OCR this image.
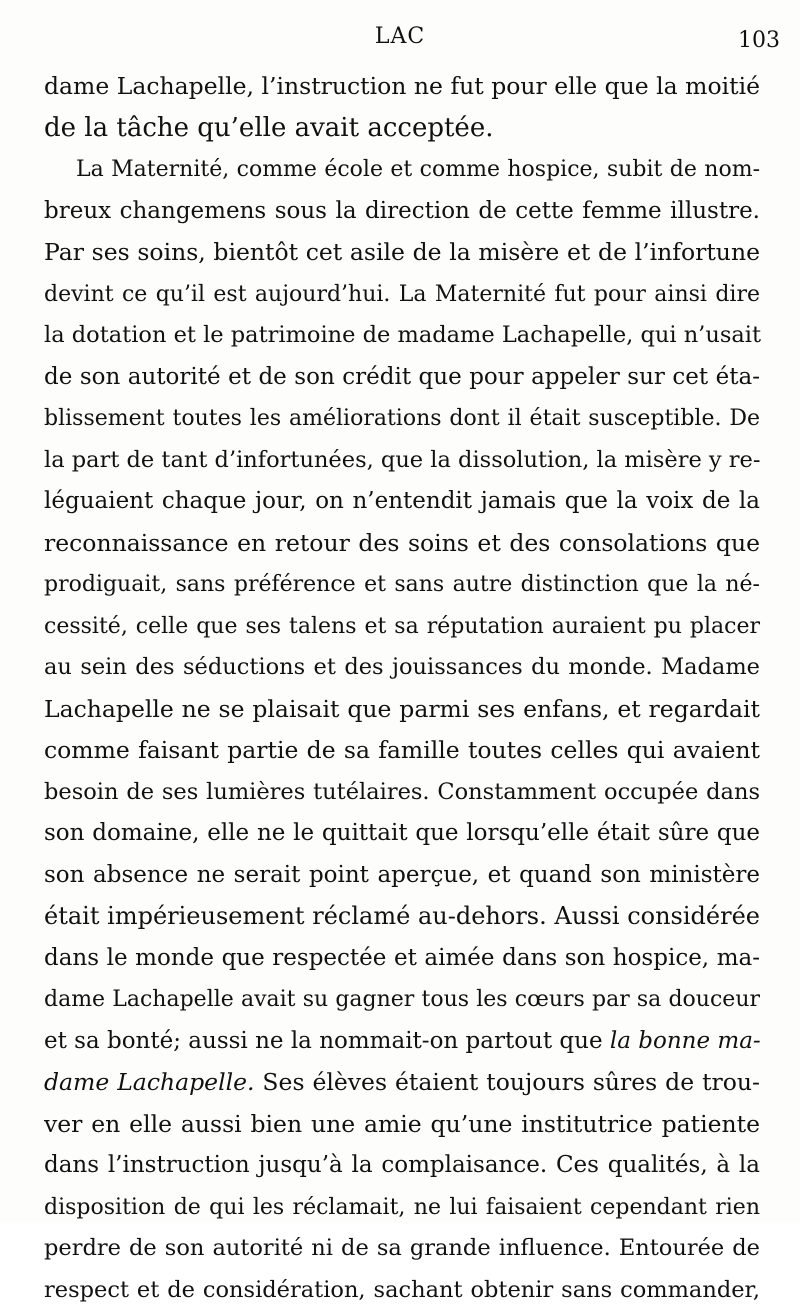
LAC	103
dame Lachapelle, l’instruction ne fut pour elle que la moitié
de la tâche qu’elle avait acceptée.
La Maternité, comme école et comme hospice, subit de nom-
breux changemens sous la direction de cette femme illustre.
Par ses soins, bientôt cet asile de la misère et de l’infortune
devint ce qu’il est aujourd’hui. La Maternité fut pour ainsi dire
la dotation et le patrimoine de madame Lachapelle, qui n’usait
de son autorité et de son crédit que pour appeler sur cet éta-
blissement toutes les améliorations dont il était susceptible. De
la part de tant d’infortunées, que la dissolution, la misère y re-
léguaient chaque jour, on n’entendit jamais que la voix de la
reconnaissance en retour des soins et des consolations que
prodiguait, sans préférence et sans autre distinction que la né-
cessité, celle que ses talens et sa réputation auraient pu placer
au sein des séductions et des jouissances du monde. Madame
Lachapelle ne se plaisait que parmi ses enfans, et regardait
comme faisant partie de sa famille toutes celles qui avaient
besoin de ses lumières tutélaires. Constamment occupée dans
son domaine, elle ne le quittait que lorsqu’elle était sûre que
son absence ne serait point aperçue, et quand son ministère
était impérieusement réclamé au-dehors. Aussi considérée
dans le monde que respectée et aimée dans son hospice, ma-
dame Lachapelle avait su gagner tous les cœurs par sa douceur
et sa bonté; aussi ne la nommait-on partout que la bonne ma-
dame Lachapelle. Ses élèves étaient toujours sûres de trou-
ver en elle aussi bien une amie qu’une institutrice patiente
dans l’instruction jusqu’à la complaisance. Ces qualités, à la
disposition de qui les réclamait, ne lui faisaient cependant rien
perdre de son autorité ni de sa grande influence. Entourée de
respect et de considération, sachant obtenir sans commander,
